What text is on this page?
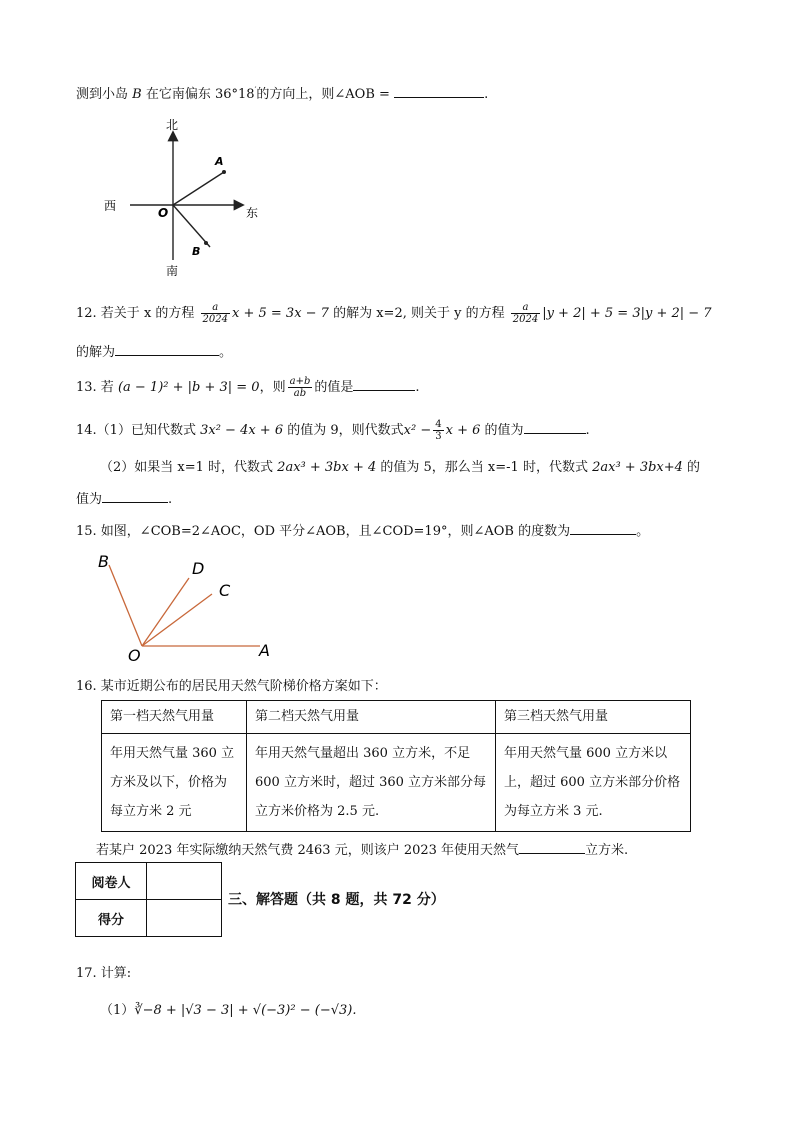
测到小岛 B 在它南偏东 36°18′的方向上，则∠AOB =	.
北
南
东
西	O
A
B
12. 若关于 x 的方程 $\frac{a}{2024}$ x + 5 = 3x − 7 的解为 x=2, 则关于 y 的方程 $\frac{a}{2024} |y + 2| + 5 = 3|y + 2| - 7$
的解为	。
13. 若 (a − 1)² + |b + 3| = 0，则 $\frac{a+b}{ab}$ 的值是	.
14.（1）已知代数式 3x² − 4x + 6 的值为 9，则代数式$x^2 - \frac{4}{3}$ x + 6 的值为	.
（2）如果当 x=1 时，代数式 2ax³ + 3bx + 4 的值为 5，那么当 x=-1 时，代数式 2ax³ + 3bx+4 的
值为	.
15. 如图，∠COB=2∠AOC，OD 平分∠AOB，且∠COD=19°，则∠AOB 的度数为	。
B	D
C
O	A
16. 某市近期公布的居民用天然气阶梯价格方案如下：
第一档天然气用量	第二档天然气用量	第三档天然气用量
年用天然气量 360 立方米及以下，价格为每立方米 2 元	年用天然气量超出 360 立方米，不足 600 立方米时，超过 360 立方米部分每立方米价格为 2.5 元.	年用天然气量 600 立方米以上，超过 600 立方米部分价格为每立方米 3 元.
若某户 2023 年实际缴纳天然气费 2463 元，则该户 2023 年使用天然气	立方米.
阅卷人	
得分	
三、解答题（共 8 题，共 72 分）
17. 计算:
（1）∛−8 + |√3 − 3| + √(−3)² − (−√3).
